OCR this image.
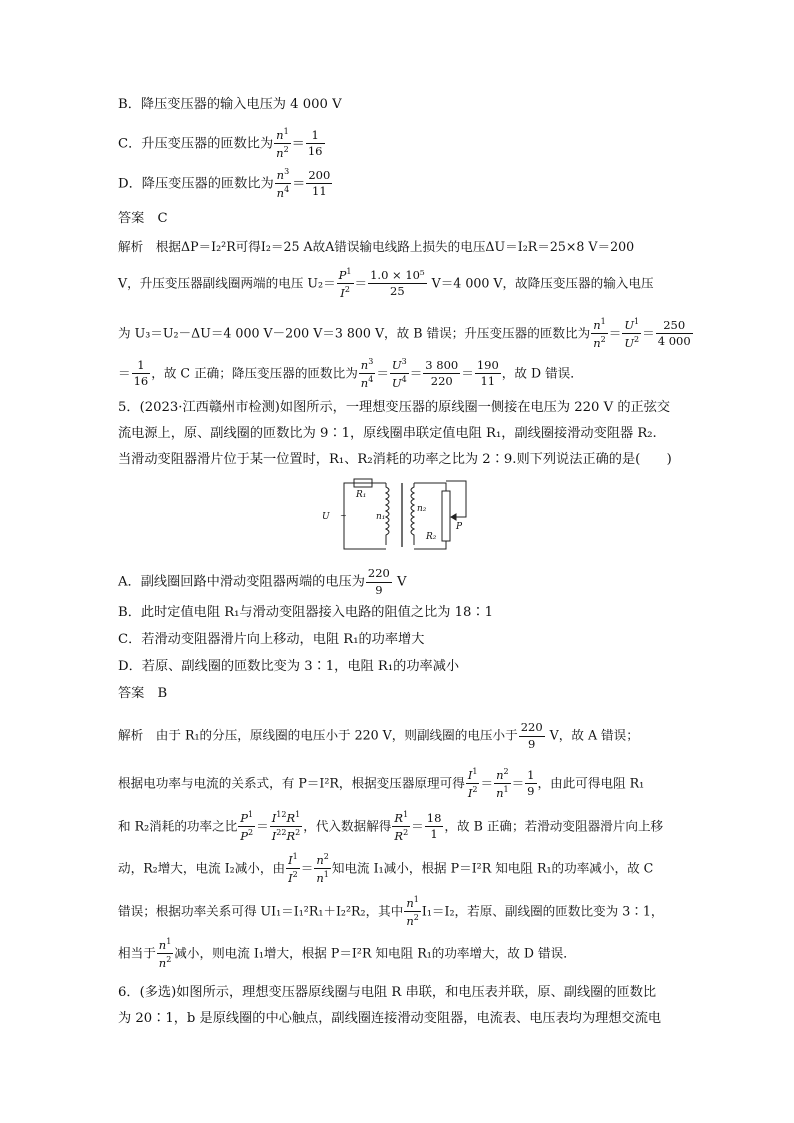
B．降压变压器的输入电压为 4 000 V
C．升压变压器的匝数比为 $\frac{n^1}{n^2} = \frac{1}{16}$
D．降压变压器的匝数比为 $\frac{n^3}{n^4} = \frac{200}{11}$
答案　C
解析　根据ΔP＝I₂²R可得I₂＝25 A故A错误输电线路上损失的电压ΔU＝I₂R＝25×8 V＝200
V，升压变压器副线圈两端的电压 $U_2= \frac{P^1}{I^2} = \frac{\text{1.0 × 10⁵}}{25} V=4$ 000 V，故降压变压器的输入电压
为 U₃＝U₂－ΔU＝4 000 V－200 V＝3 800 V，故 B 错误；升压变压器的匝数比为 $\frac{n^1}{n^2} = \frac{U^1}{U^2} = \frac{250}{4 000}$
＝ $\frac{1}{16}$ ，故 C 正确；降压变压器的匝数比为 $\frac{n^3}{n^4} = \frac{U^3}{U^4} = \frac{3 800}{220} = \frac{190}{11}$ ，故 D 错误．
5．(2023·江西赣州市检测)如图所示，一理想变压器的原线圈一侧接在电压为 220 V 的正弦交
流电源上，原、副线圈的匝数比为 9∶1，原线圈串联定值电阻 R₁，副线圈接滑动变阻器 R₂.
当滑动变阻器滑片位于某一位置时，R₁、R₂消耗的功率之比为 2∶9.则下列说法正确的是(　　)
U ~
R₁
n₁
n₂
R₂
P
A．副线圈回路中滑动变阻器两端的电压为 $\frac{220}{9}$ V
B．此时定值电阻 R₁与滑动变阻器接入电路的阻值之比为 18∶1
C．若滑动变阻器滑片向上移动，电阻 R₁的功率增大
D．若原、副线圈的匝数比变为 3∶1，电阻 R₁的功率减小
答案　B
解析　由于 R₁的分压，原线圈的电压小于 220 V，则副线圈的电压小于 $\frac{220}{9}$ V，故 A 错误；
根据电功率与电流的关系式，有 P＝I²R，根据变压器原理可得 $\frac{I^1}{I^2} = \frac{n^2}{n^1} = \frac{1}{9}$ ，由此可得电阻 R₁
和 R₂消耗的功率之比 $\frac{P^1}{P^2} = \frac{I^{12}R^1}{I^{22}R^2}$ ，代入数据解得 $\frac{R^1}{R^2} = \frac{18}{1}$ ，故 B 正确；若滑动变阻器滑片向上移
动，R₂增大，电流 I₂减小，由 $\frac{I^1}{I^2} = \frac{n^2}{n^1}$ 知电流 I₁减小，根据 P＝I²R 知电阻 R₁的功率减小，故 C
错误；根据功率关系可得 UI₁＝I₁²R₁＋I₂²R₂，其中 $\frac{n^1}{n^2} I_1=I_2$，若原、副线圈的匝数比变为 3∶1，
相当于 $\frac{n^1}{n^2}$ 减小，则电流 I₁增大，根据 P＝I²R 知电阻 R₁的功率增大，故 D 错误．
6．(多选)如图所示，理想变压器原线圈与电阻 R 串联，和电压表并联，原、副线圈的匝数比
为 20∶1，b 是原线圈的中心触点，副线圈连接滑动变阻器，电流表、电压表均为理想交流电
